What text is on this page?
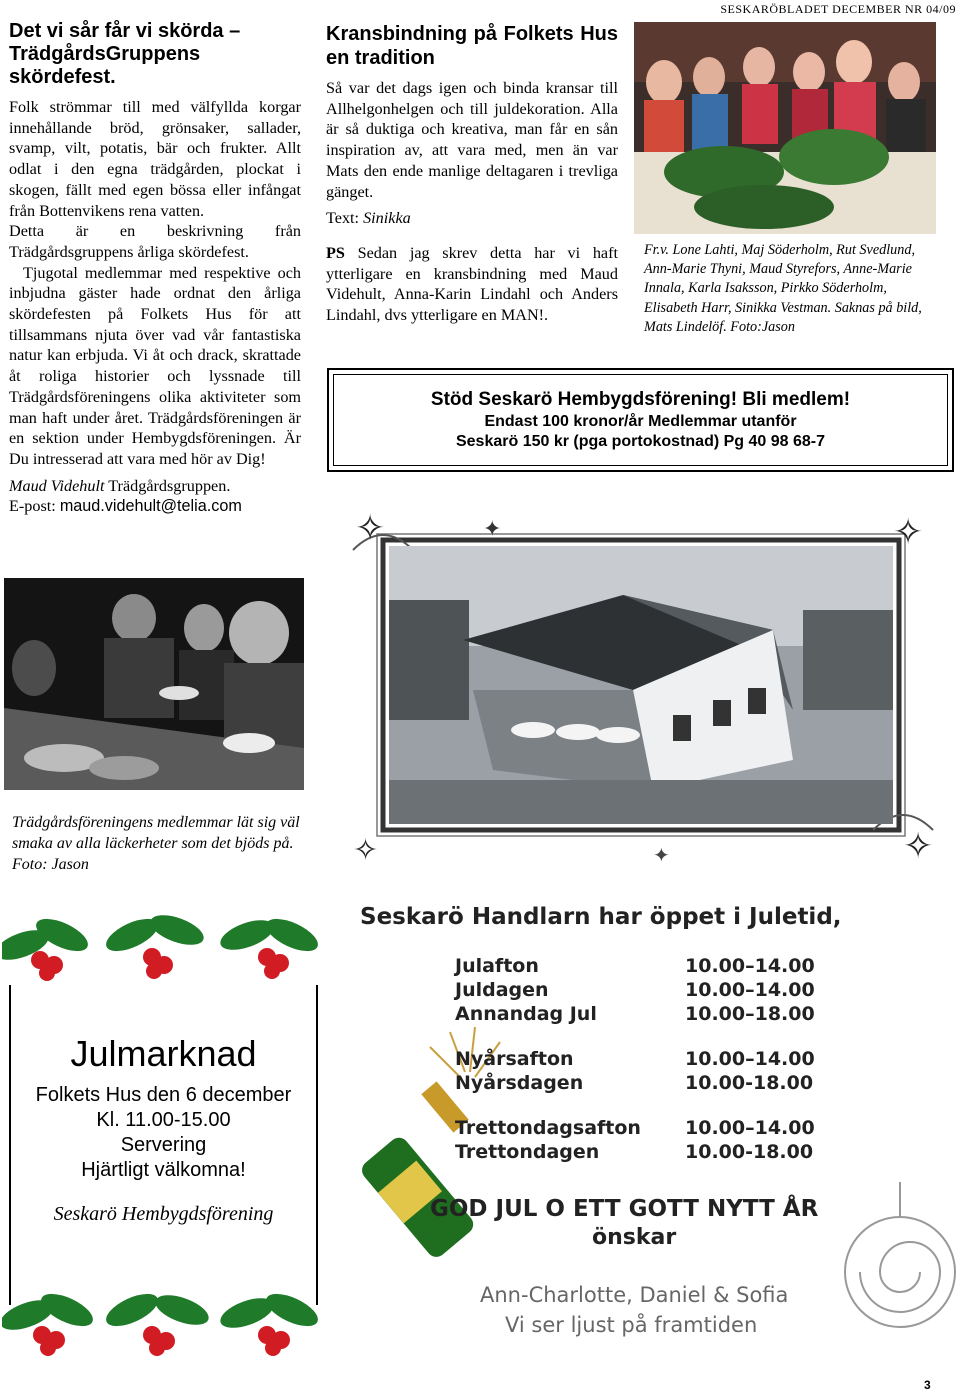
SESKARÖBLADET DECEMBER NR 04/09
Det vi sår får vi skörda – TrädgårdsGruppens skördefest.

Folk strömmar till med välfyllda korgar innehållande bröd, grönsaker, sallader, svamp, vilt, potatis, bär och frukter. Allt odlat i den egna trädgården, plockat i skogen, fällt med egen bössa eller infångat från Bottenvikens rena vatten.

Detta är en beskrivning från Trädgårdsgruppens årliga skördefest.

Tjugotal medlemmar med respektive och inbjudna gäster hade ordnat den årliga skördefesten på Folkets Hus för att tillsammans njuta över vad vår fantastiska natur kan erbjuda. Vi åt och drack, skrattade åt roliga historier och lyssnade till Trädgårdsföreningens olika aktiviteter som man haft under året. Trädgårdsföreningen är en sektion under Hembygdsföreningen. Är Du intresserad att vara med hör av Dig!

Maud Videhult Trädgårdsgruppen.

E-post: maud.videhult@telia.com

Kransbindning på Folkets Hus en tradition

Så var det dags igen och binda kransar till Allhelgonhelgen och till juldekoration. Alla är så duktiga och kreativa, man får en sån inspiration av, att vara med, men än var Mats den ende manlige deltagaren i trevliga gänget.

Text: Sinikka

PS Sedan jag skrev detta har vi haft ytterligare en kransbindning med Maud Videhult, Anna-Karin Lindahl och Anders Lindahl, dvs ytterligare en MAN!.

Fr.v. Lone Lahti, Maj Söderholm, Rut Svedlund, Ann-Marie Thyni, Maud Styrefors, Anne-Marie Innala, Karla Isaksson, Pirkko Söderholm, Elisabeth Harr, Sinikka Vestman. Saknas på bild, Mats Lindelöf. Foto:Jason
Stöd Seskarö Hembygdsförening! Bli medlem!
Endast 100 kronor/år Medlemmar utanför
Seskarö 150 kr (pga portokostnad) Pg 40 98 68-7
✧	✦	✧
✧	✧
✦
Trädgårdsföreningens medlemmar lät sig väl smaka av alla läckerheter som det bjöds på. Foto: Jason
Julmarknad
Folkets Hus den 6 december
Kl. 11.00-15.00
Servering
Hjärtligt välkomna!
Seskarö Hembygdsförening
Seskarö Handlarn har öppet i Juletid,
Julafton	10.00–14.00
Juldagen	10.00–14.00
Annandag Jul	10.00–18.00
Nyårsafton	10.00–14.00
Nyårsdagen	10.00-18.00
Trettondagsafton 10.00–14.00
Trettondagen	10.00-18.00
GOD JUL O ETT GOTT NYTT ÅR
önskar
Ann-Charlotte, Daniel & Sofia
Vi ser ljust på framtiden
3
